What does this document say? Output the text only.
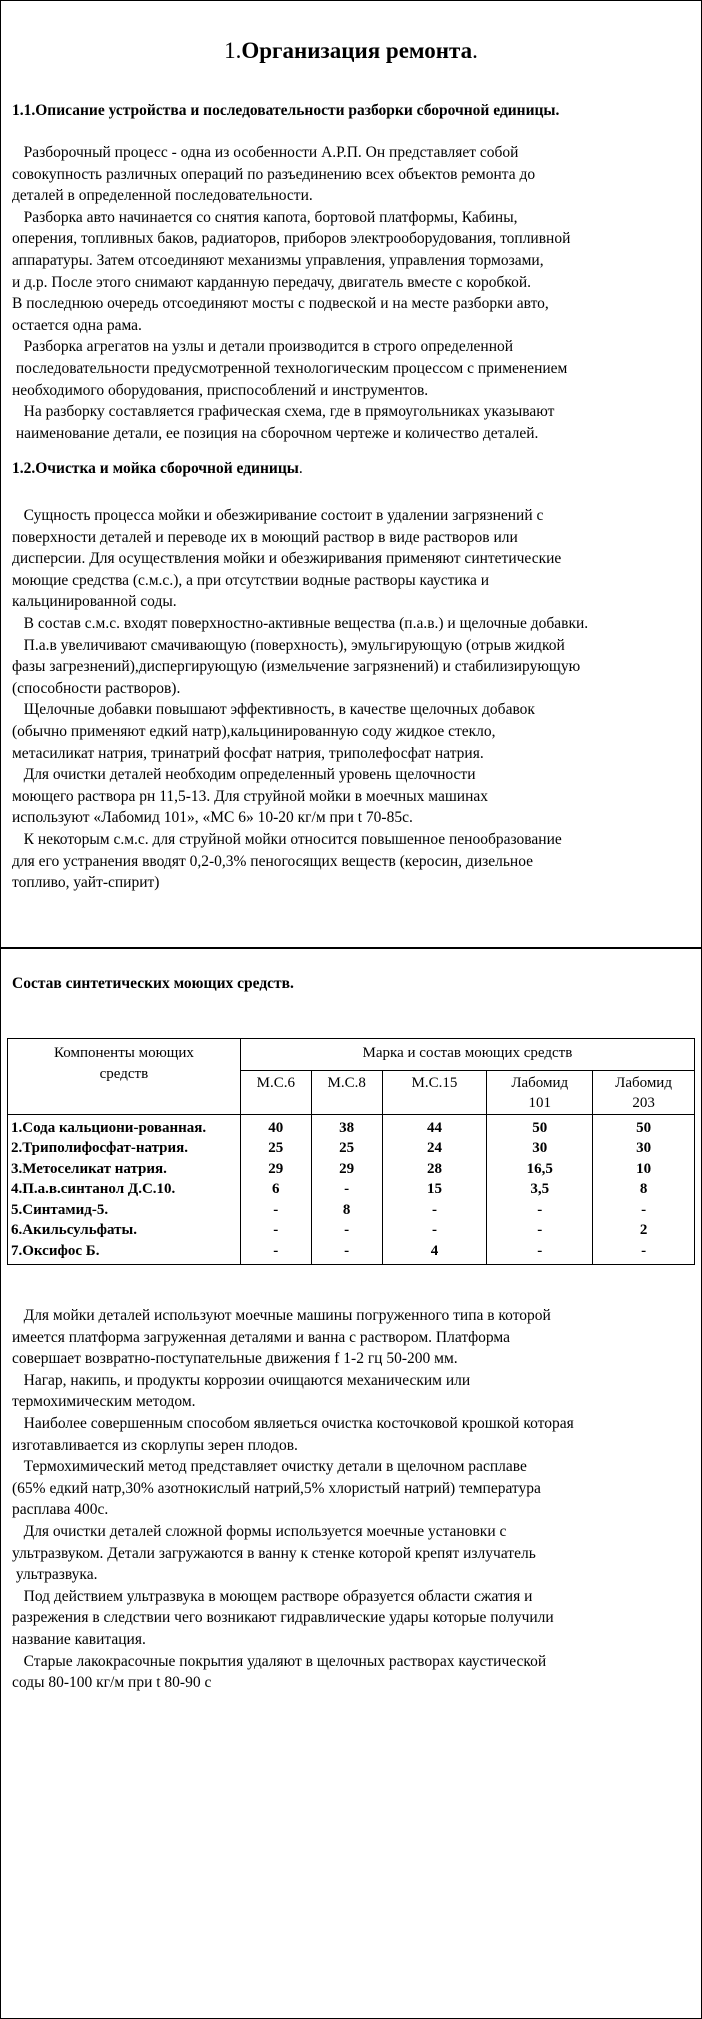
1.Организация ремонта.
1.1.Описание устройства и последовательности разборки сборочной единицы.

Разборочный процесс - одна из особенности А.Р.П. Он представляет собой
совокупность различных операций по разъединению всех объектов ремонта до
деталей в определенной последовательности.
Разборка авто начинается со снятия капота, бортовой платформы, Кабины,
оперения, топливных баков, радиаторов, приборов электрооборудования, топливной
аппаратуры. Затем отсоединяют механизмы управления, управления тормозами,
и д.р. После этого снимают карданную передачу, двигатель вместе с коробкой.
В последнюю очередь отсоединяют мосты с подвеской и на месте разборки авто,
остается одна рама.
Разборка агрегатов на узлы и детали производится в строго определенной
последовательности предусмотренной технологическим процессом с применением
необходимого оборудования, приспособлений и инструментов.
На разборку составляется графическая схема, где в прямоугольниках указывают
наименование детали, ее позиция на сборочном чертеже и количество деталей.

1.2.Очистка и мойка сборочной единицы.

Сущность процесса мойки и обезжиривание состоит в удалении загрязнений с
поверхности деталей и переводе их в моющий раствор в виде растворов или
дисперсии. Для осуществления мойки и обезжиривания применяют синтетические
моющие средства (с.м.с.), а при отсутствии водные растворы каустика и
кальцинированной соды.
В состав с.м.с. входят поверхностно-активные вещества (п.а.в.) и щелочные добавки.
П.а.в увеличивают смачивающую (поверхность), эмульгирующую (отрыв жидкой
фазы загрезнений),диспергирующую (измельчение загрязнений) и стабилизирующую
(способности растворов).
Щелочные добавки повышают эффективность, в качестве щелочных добавок
(обычно применяют едкий натр),кальцинированную соду жидкое стекло,
метасиликат натрия, тринатрий фосфат натрия, триполефосфат натрия.
Для очистки деталей необходим определенный уровень щелочности
моющего раствора рн 11,5-13. Для струйной мойки в моечных машинах
используют «Лабомид 101», «МС 6» 10-20 кг/м при t 70-85с.
К некоторым с.м.с. для струйной мойки относится повышенное пенообразование
для его устранения вводят 0,2-0,3% пеногосящих веществ (керосин, дизельное
топливо, уайт-спирит)

Состав синтетических моющих средств.
Компоненты моющих
средств	Марка и состав моющих средств				
	М.С.6	М.С.8	М.С.15	Лабомид
101	Лабомид
203
1.Сода кальциони-рованная.	40	38	44	50	50
2.Триполифосфат-натрия.	25	25	24	30	30
3.Метоселикат натрия.	29	29	28	16,5	10
4.П.а.в.синтанол Д.С.10.	6	-	15	3,5	8
5.Синтамид-5.	-	8	-	-	-
6.Акильсульфаты.	-	-	-	-	2
7.Оксифос Б.	-	-	4	-	-

Для мойки деталей используют моечные машины погруженного типа в которой
имеется платформа загруженная деталями и ванна с раствором. Платформа
совершает возвратно-поступательные движения f 1-2 гц 50-200 мм.
Нагар, накипь, и продукты коррозии очищаются механическим или
термохимическим методом.
Наиболее совершенным способом являеться очистка косточковой крошкой которая
изготавливается из скорлупы зерен плодов.
Термохимический метод представляет очистку детали в щелочном расплаве
(65% едкий натр,30% азотнокислый натрий,5% хлористый натрий) температура
расплава 400с.
Для очистки деталей сложной формы используется моечные установки с
ультразвуком. Детали загружаются в ванну к стенке которой крепят излучатель
ультразвука.
Под действием ультразвука в моющем растворе образуется области сжатия и
разрежения в следствии чего возникают гидравлические удары которые получили
название кавитация.
Старые лакокрасочные покрытия удаляют в щелочных растворах каустической
соды 80-100 кг/м при t 80-90 с
